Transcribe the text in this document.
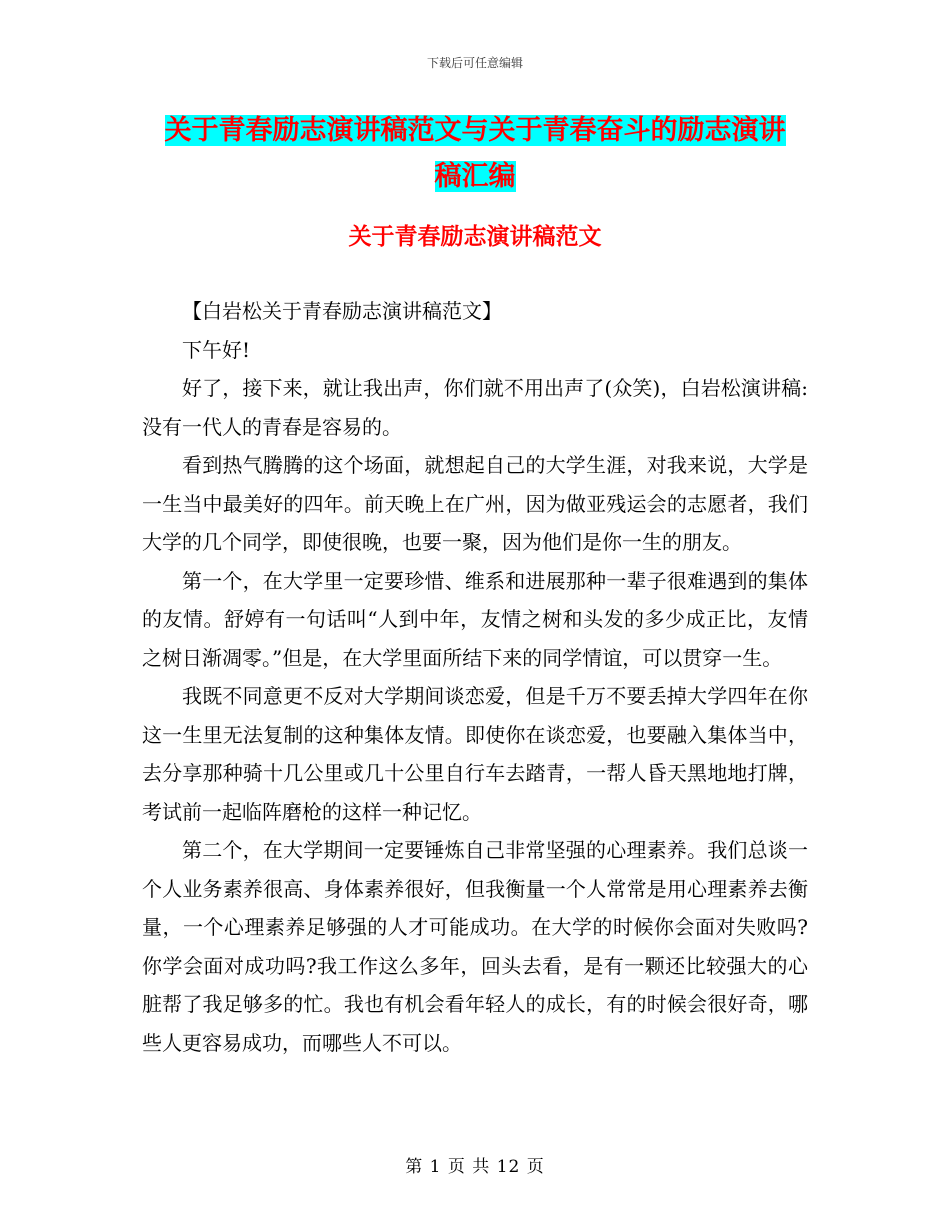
下载后可任意编辑
关于青春励志演讲稿范文与关于青春奋斗的励志演讲
稿汇编
关于青春励志演讲稿范文

【白岩松关于青春励志演讲稿范文】

下午好!

好了，接下来，就让我出声，你们就不用出声了(众笑)，白岩松演讲稿:没有一代人的青春是容易的。

看到热气腾腾的这个场面，就想起自己的大学生涯，对我来说，大学是一生当中最美好的四年。前天晚上在广州，因为做亚残运会的志愿者，我们大学的几个同学，即使很晚，也要一聚，因为他们是你一生的朋友。

第一个，在大学里一定要珍惜、维系和进展那种一辈子很难遇到的集体的友情。舒婷有一句话叫“人到中年，友情之树和头发的多少成正比，友情之树日渐凋零。”但是，在大学里面所结下来的同学情谊，可以贯穿一生。

我既不同意更不反对大学期间谈恋爱，但是千万不要丢掉大学四年在你这一生里无法复制的这种集体友情。即使你在谈恋爱，也要融入集体当中，去分享那种骑十几公里或几十公里自行车去踏青，一帮人昏天黑地地打牌，考试前一起临阵磨枪的这样一种记忆。

第二个，在大学期间一定要锤炼自己非常坚强的心理素养。我们总谈一个人业务素养很高、身体素养很好，但我衡量一个人常常是用心理素养去衡量，一个心理素养足够强的人才可能成功。在大学的时候你会面对失败吗?你学会面对成功吗?我工作这么多年，回头去看，是有一颗还比较强大的心脏帮了我足够多的忙。我也有机会看年轻人的成长，有的时候会很好奇，哪些人更容易成功，而哪些人不可以。

第 1 页 共 12 页
